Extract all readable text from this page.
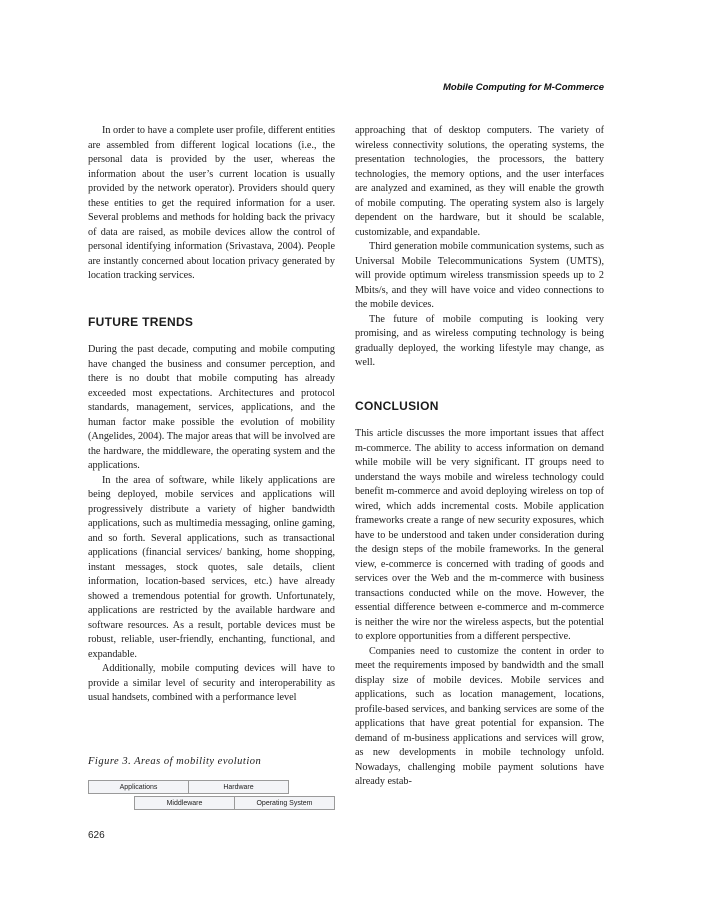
Mobile Computing for M-Commerce

In order to have a complete user profile, different entities are assembled from different logical locations (i.e., the personal data is provided by the user, whereas the information about the user’s current location is usually provided by the network operator). Providers should query these entities to get the required information for a user. Several problems and methods for holding back the privacy of data are raised, as mobile devices allow the control of personal identifying information (Srivastava, 2004). People are instantly concerned about location privacy generated by location tracking services.

FUTURE TRENDS

During the past decade, computing and mobile computing have changed the business and consumer perception, and there is no doubt that mobile computing has already exceeded most expectations. Architectures and protocol standards, management, services, applications, and the human factor make possible the evolution of mobility (Angelides, 2004). The major areas that will be involved are the hardware, the middleware, the operating system and the applications.

In the area of software, while likely applications are being deployed, mobile services and applications will progressively distribute a variety of higher bandwidth applications, such as multimedia messaging, online gaming, and so forth. Several applications, such as transactional applications (financial services/ banking, home shopping, instant messages, stock quotes, sale details, client information, location-based services, etc.) have already showed a tremendous potential for growth. Unfortunately, applications are restricted by the available hardware and software resources. As a result, portable devices must be robust, reliable, user-friendly, enchanting, functional, and expandable.

Additionally, mobile computing devices will have to provide a similar level of security and interoperability as usual handsets, combined with a performance level

Figure 3. Areas of mobility evolution
Applications	Hardware
Middleware	Operating System

approaching that of desktop computers. The variety of wireless connectivity solutions, the operating systems, the presentation technologies, the processors, the battery technologies, the memory options, and the user interfaces are analyzed and examined, as they will enable the growth of mobile computing. The operating system also is largely dependent on the hardware, but it should be scalable, customizable, and expandable.

Third generation mobile communication systems, such as Universal Mobile Telecommunications System (UMTS), will provide optimum wireless transmission speeds up to 2 Mbits/s, and they will have voice and video connections to the mobile devices.

The future of mobile computing is looking very promising, and as wireless computing technology is being gradually deployed, the working lifestyle may change, as well.

CONCLUSION

This article discusses the more important issues that affect m-commerce. The ability to access information on demand while mobile will be very significant. IT groups need to understand the ways mobile and wireless technology could benefit m-commerce and avoid deploying wireless on top of wired, which adds incremental costs. Mobile application frameworks create a range of new security exposures, which have to be understood and taken under consideration during the design steps of the mobile frameworks. In the general view, e-commerce is concerned with trading of goods and services over the Web and the m-commerce with business transactions conducted while on the move. However, the essential difference between e-commerce and m-commerce is neither the wire nor the wireless aspects, but the potential to explore opportunities from a different perspective.

Companies need to customize the content in order to meet the requirements imposed by bandwidth and the small display size of mobile devices. Mobile services and applications, such as location management, locations, profile-based services, and banking services are some of the applications that have great potential for expansion. The demand of m-business applications and services will grow, as new developments in mobile technology unfold. Nowadays, challenging mobile payment solutions have already estab-

626
